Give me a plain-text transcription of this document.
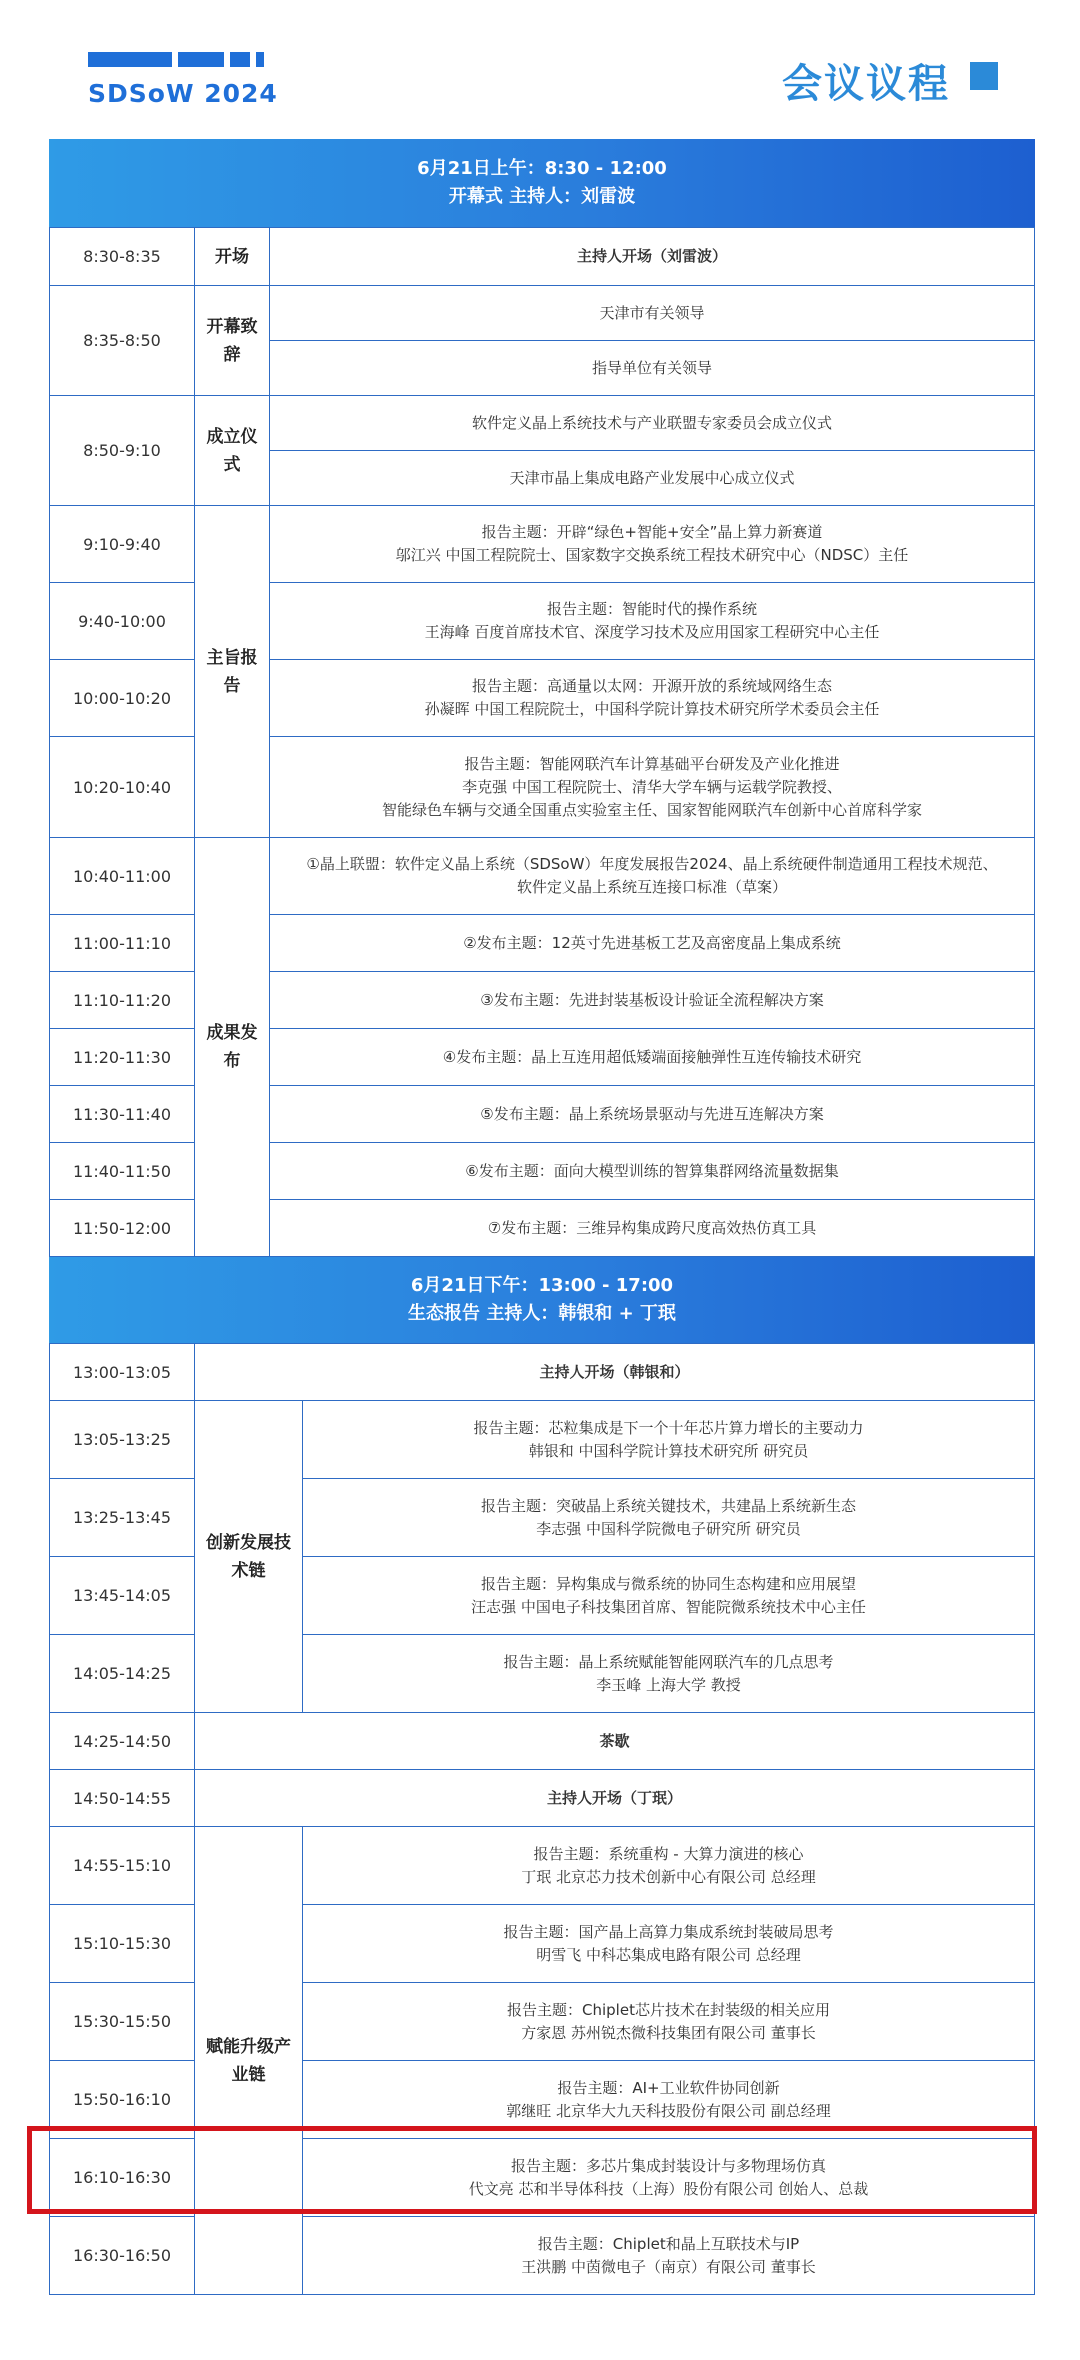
SDSoW 2024	会议议程
6月21日上午：8:30 - 12:00
开幕式 主持人：刘雷波
8:30-8:35	开场	主持人开场（刘雷波）
8:35-8:50	开幕致辞	天津市有关领导
		指导单位有关领导
8:50-9:10	成立仪式	软件定义晶上系统技术与产业联盟专家委员会成立仪式
		天津市晶上集成电路产业发展中心成立仪式
9:10-9:40	主旨报告	报告主题：开辟“绿色+智能+安全”晶上算力新赛道
邬江兴 中国工程院院士、国家数字交换系统工程技术研究中心（NDSC）主任

9:40-10:00		报告主题：智能时代的操作系统
王海峰 百度首席技术官、深度学习技术及应用国家工程研究中心主任

10:00-10:20		报告主题：高通量以太网：开源开放的系统域网络生态
孙凝晖 中国工程院院士，中国科学院计算技术研究所学术委员会主任

10:20-10:40		报告主题：智能网联汽车计算基础平台研发及产业化推进
李克强 中国工程院院士、清华大学车辆与运载学院教授、
智能绿色车辆与交通全国重点实验室主任、国家智能网联汽车创新中心首席科学家

10:40-11:00	成果发布	①晶上联盟：软件定义晶上系统（SDSoW）年度发展报告2024、晶上系统硬件制造通用工程技术规范、
软件定义晶上系统互连接口标准（草案）

11:00-11:10		②发布主题：12英寸先进基板工艺及高密度晶上集成系统
11:10-11:20		③发布主题：先进封装基板设计验证全流程解决方案
11:20-11:30		④发布主题：晶上互连用超低矮端面接触弹性互连传输技术研究
11:30-11:40		⑤发布主题：晶上系统场景驱动与先进互连解决方案
11:40-11:50		⑥发布主题：面向大模型训练的智算集群网络流量数据集
11:50-12:00		⑦发布主题：三维异构集成跨尺度高效热仿真工具
6月21日下午：13:00 - 17:00
生态报告 主持人：韩银和 + 丁珉
13:00-13:05	主持人开场（韩银和）	
13:05-13:25	创新发展技术链	报告主题：芯粒集成是下一个十年芯片算力增长的主要动力
韩银和 中国科学院计算技术研究所 研究员

13:25-13:45		报告主题：突破晶上系统关键技术，共建晶上系统新生态
李志强 中国科学院微电子研究所 研究员

13:45-14:05		报告主题：异构集成与微系统的协同生态构建和应用展望
汪志强 中国电子科技集团首席、智能院微系统技术中心主任

14:05-14:25		报告主题：晶上系统赋能智能网联汽车的几点思考
李玉峰 上海大学 教授

14:25-14:50	茶歇	
14:50-14:55	主持人开场（丁珉）	
14:55-15:10	赋能升级产业链	报告主题：系统重构 - 大算力演进的核心
丁珉 北京芯力技术创新中心有限公司 总经理

15:10-15:30		报告主题：国产晶上高算力集成系统封装破局思考
明雪飞 中科芯集成电路有限公司 总经理

15:30-15:50		报告主题：Chiplet芯片技术在封装级的相关应用
方家恩 苏州锐杰微科技集团有限公司 董事长

15:50-16:10		报告主题：AI+工业软件协同创新
郭继旺 北京华大九天科技股份有限公司 副总经理

16:10-16:30		报告主题：多芯片集成封装设计与多物理场仿真
代文亮 芯和半导体科技（上海）股份有限公司 创始人、总裁

16:30-16:50		报告主题：Chiplet和晶上互联技术与IP
王洪鹏 中茵微电子（南京）有限公司 董事长
